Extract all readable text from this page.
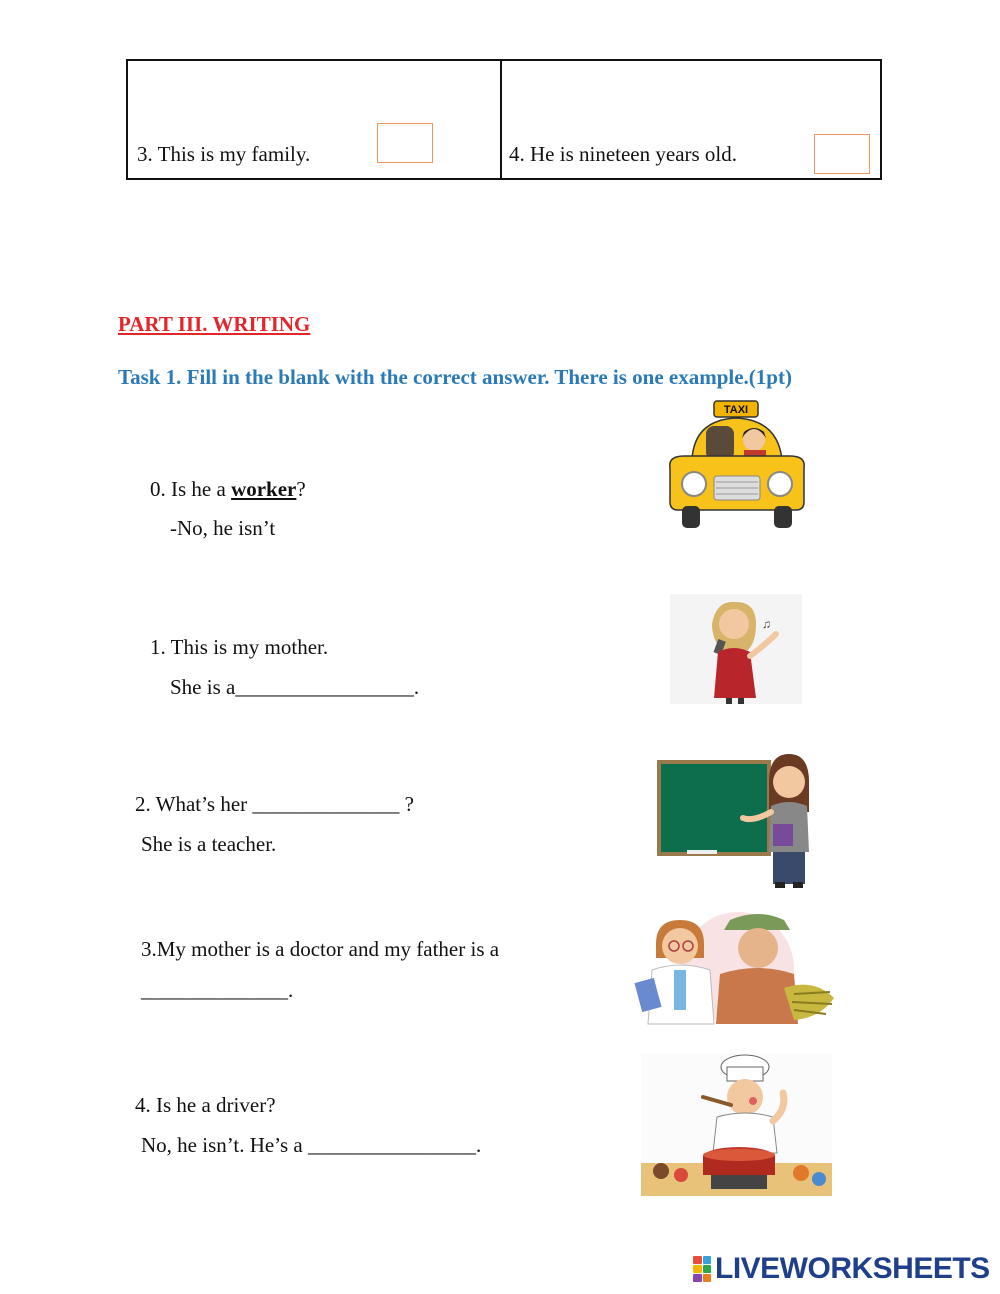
3. This is my family.	4. He is nineteen years old.
PART III. WRITING
Task 1. Fill in the blank with the correct answer. There is one example.(1pt)
0. Is he a worker?
-No, he isn’t
TAXI
1. This is my mother.
She is a_________________.
♫
2. What’s her ______________ ?
She is a teacher.
3.My mother is a doctor and my father is a
______________.
4. Is he a driver?
No, he isn’t. He’s a ________________.
LIVEWORKSHEETS
